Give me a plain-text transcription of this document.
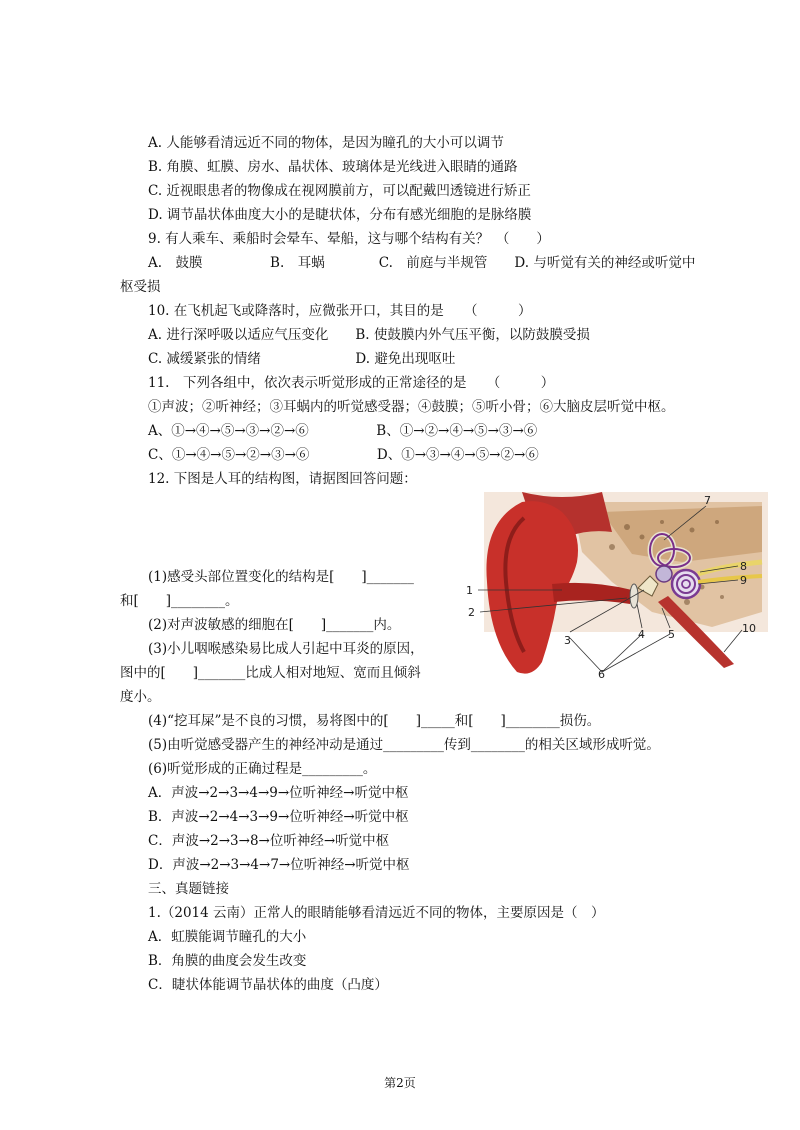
A. 人能够看清远近不同的物体，是因为瞳孔的大小可以调节
B. 角膜、虹膜、房水、晶状体、玻璃体是光线进入眼睛的通路
C. 近视眼患者的物像成在视网膜前方，可以配戴凹透镜进行矫正
D. 调节晶状体曲度大小的是睫状体，分布有感光细胞的是脉络膜
9. 有人乘车、乘船时会晕车、晕船，这与哪个结构有关？　（　　）
A.　鼓膜　　　　　B.　耳蜗　　　　C.　前庭与半规管　　D. 与听觉有关的神经或听觉中
枢受损
10. 在飞机起飞或降落时，应微张开口，其目的是　　（　　　）
A. 进行深呼吸以适应气压变化　　B. 使鼓膜内外气压平衡，以防鼓膜受损
C. 减缓紧张的情绪　　　　　　　D. 避免出现呕吐
11.　下列各组中，依次表示听觉形成的正常途径的是　　（　　　）
①声波；②听神经；③耳蜗内的听觉感受器；④鼓膜；⑤听小骨；⑥大脑皮层听觉中枢。
A、①→④→⑤→③→②→⑥　　　　　B、①→②→④→⑤→③→⑥
C、①→④→⑤→②→③→⑥　　　　　D、①→③→④→⑤→②→⑥
12. 下图是人耳的结构图，请据图回答问题：
(1)感受头部位置变化的结构是[　　]_______
和[　　]________。
(2)对声波敏感的细胞在[　　]_______内。
(3)小儿咽喉感染易比成人引起中耳炎的原因，
图中的[　　]_______比成人相对地短、宽而且倾斜
度小。
(4)“挖耳屎”是不良的习惯，易将图中的[　　]_____和[　　]________损伤。
(5)由听觉感受器产生的神经冲动是通过_________传到________的相关区域形成听觉。
(6)听觉形成的正确过程是_________。
A．声波→2→3→4→9→位听神经→听觉中枢
B．声波→2→4→3→9→位听神经→听觉中枢
C．声波→2→3→8→位听神经→听觉中枢
D．声波→2→3→4→7→位听神经→听觉中枢
三、真题链接
1.（2014 云南）正常人的眼睛能够看清远近不同的物体，主要原因是（　）
A．虹膜能调节瞳孔的大小
B．角膜的曲度会发生改变
C．睫状体能调节晶状体的曲度（凸度）
1
2
3	4 5
6
7
8
9
10
第2页
